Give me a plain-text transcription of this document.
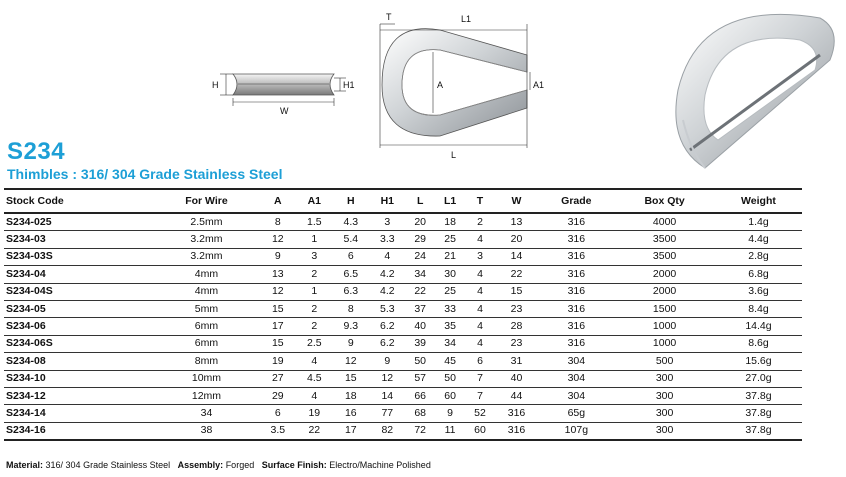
H	H1
W
T	L1
A	A1
L
S234
Thimbles : 316/ 304 Grade Stainless Steel
Stock Code	For Wire	A	A1	H	H1	L	L1	T	W	Grade	Box Qty	Weight
S234-025	2.5mm	8	1.5	4.3	3	20	18	2	13	316	4000	1.4g
S234-03	3.2mm	12	1	5.4	3.3	29	25	4	20	316	3500	4.4g
S234-03S	3.2mm	9	3	6	4	24	21	3	14	316	3500	2.8g
S234-04	4mm	13	2	6.5	4.2	34	30	4	22	316	2000	6.8g
S234-04S	4mm	12	1	6.3	4.2	22	25	4	15	316	2000	3.6g
S234-05	5mm	15	2	8	5.3	37	33	4	23	316	1500	8.4g
S234-06	6mm	17	2	9.3	6.2	40	35	4	28	316	1000	14.4g
S234-06S	6mm	15	2.5	9	6.2	39	34	4	23	316	1000	8.6g
S234-08	8mm	19	4	12	9	50	45	6	31	304	500	15.6g
S234-10	10mm	27	4.5	15	12	57	50	7	40	304	300	27.0g
S234-12	12mm	29	4	18	14	66	60	7	44	304	300	37.8g
S234-14	34	6	19	16	77	68	9	52	316	65g	300	37.8g
S234-16	38	3.5	22	17	82	72	11	60	316	107g	300	37.8g
Material: 316/ 304 Grade Stainless Steel Assembly: Forged Surface Finish: Electro/Machine Polished
